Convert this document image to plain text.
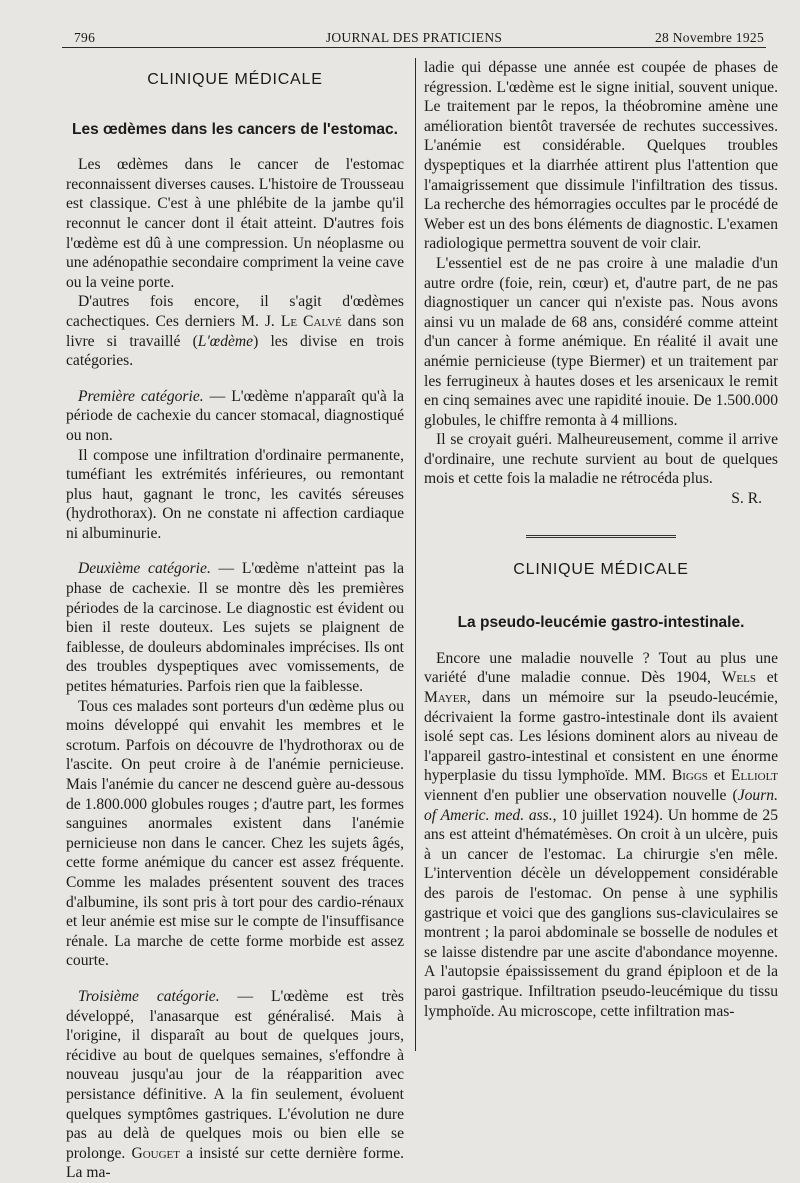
796	JOURNAL DES PRATICIENS	28 Novembre 1925
CLINIQUE MÉDICALE
Les œdèmes dans les cancers de l'estomac.

Les œdèmes dans le cancer de l'estomac reconnaissent diverses causes. L'histoire de Trousseau est classique. C'est à une phlébite de la jambe qu'il reconnut le cancer dont il était atteint. D'autres fois l'œdème est dû à une compression. Un néoplasme ou une adénopathie secondaire compriment la veine cave ou la veine porte.

D'autres fois encore, il s'agit d'œdèmes cachectiques. Ces derniers M. J. Le Calvé dans son livre si travaillé (L'œdème) les divise en trois catégories.

Première catégorie. — L'œdème n'apparaît qu'à la période de cachexie du cancer stomacal, diagnostiqué ou non.

Il compose une infiltration d'ordinaire permanente, tuméfiant les extrémités inférieures, ou remontant plus haut, gagnant le tronc, les cavités séreuses (hydrothorax). On ne constate ni affection cardiaque ni albuminurie.

Deuxième catégorie. — L'œdème n'atteint pas la phase de cachexie. Il se montre dès les premières périodes de la carcinose. Le diagnostic est évident ou bien il reste douteux. Les sujets se plaignent de faiblesse, de douleurs abdominales imprécises. Ils ont des troubles dyspeptiques avec vomissements, de petites hématuries. Parfois rien que la faiblesse.

Tous ces malades sont porteurs d'un œdème plus ou moins développé qui envahit les membres et le scrotum. Parfois on découvre de l'hydrothorax ou de l'ascite. On peut croire à de l'anémie pernicieuse. Mais l'anémie du cancer ne descend guère au-dessous de 1.800.000 globules rouges ; d'autre part, les formes sanguines anormales existent dans l'anémie pernicieuse non dans le cancer. Chez les sujets âgés, cette forme anémique du cancer est assez fréquente. Comme les malades présentent souvent des traces d'albumine, ils sont pris à tort pour des cardio-rénaux et leur anémie est mise sur le compte de l'insuffisance rénale. La marche de cette forme morbide est assez courte.

Troisième catégorie. — L'œdème est très développé, l'anasarque est généralisé. Mais à l'origine, il disparaît au bout de quelques jours, récidive au bout de quelques semaines, s'effondre à nouveau jusqu'au jour de la réapparition avec persistance définitive. A la fin seulement, évoluent quelques symptômes gastriques. L'évolution ne dure pas au delà de quelques mois ou bien elle se prolonge. Gouget a insisté sur cette dernière forme. La ma-

ladie qui dépasse une année est coupée de phases de régression. L'œdème est le signe initial, souvent unique. Le traitement par le repos, la théobromine amène une amélioration bientôt traversée de rechutes successives. L'anémie est considérable. Quelques troubles dyspeptiques et la diarrhée attirent plus l'attention que l'amaigrissement que dissimule l'infiltration des tissus. La recherche des hémorragies occultes par le procédé de Weber est un des bons éléments de diagnostic. L'examen radiologique permettra souvent de voir clair.

L'essentiel est de ne pas croire à une maladie d'un autre ordre (foie, rein, cœur) et, d'autre part, de ne pas diagnostiquer un cancer qui n'existe pas. Nous avons ainsi vu un malade de 68 ans, considéré comme atteint d'un cancer à forme anémique. En réalité il avait une anémie pernicieuse (type Biermer) et un traitement par les ferrugineux à hautes doses et les arsenicaux le remit en cinq semaines avec une rapidité inouie. De 1.500.000 globules, le chiffre remonta à 4 millions.

Il se croyait guéri. Malheureusement, comme il arrive d'ordinaire, une rechute survient au bout de quelques mois et cette fois la maladie ne rétrocéda plus.

S. R.

CLINIQUE MÉDICALE
La pseudo-leucémie gastro-intestinale.

Encore une maladie nouvelle ? Tout au plus une variété d'une maladie connue. Dès 1904, Wels et Mayer, dans un mémoire sur la pseudo-leucémie, décrivaient la forme gastro-intestinale dont ils avaient isolé sept cas. Les lésions dominent alors au niveau de l'appareil gastro-intestinal et consistent en une énorme hyperplasie du tissu lymphoïde. MM. Biggs et Elliolt viennent d'en publier une observation nouvelle (Journ. of Americ. med. ass., 10 juillet 1924). Un homme de 25 ans est atteint d'hématémèses. On croit à un ulcère, puis à un cancer de l'estomac. La chirurgie s'en mêle. L'intervention décèle un développement considérable des parois de l'estomac. On pense à une syphilis gastrique et voici que des ganglions sus-claviculaires se montrent ; la paroi abdominale se bosselle de nodules et se laisse distendre par une ascite d'abondance moyenne. A l'autopsie épaississement du grand épiploon et de la paroi gastrique. Infiltration pseudo-leucémique du tissu lymphoïde. Au microscope, cette infiltration mas-
